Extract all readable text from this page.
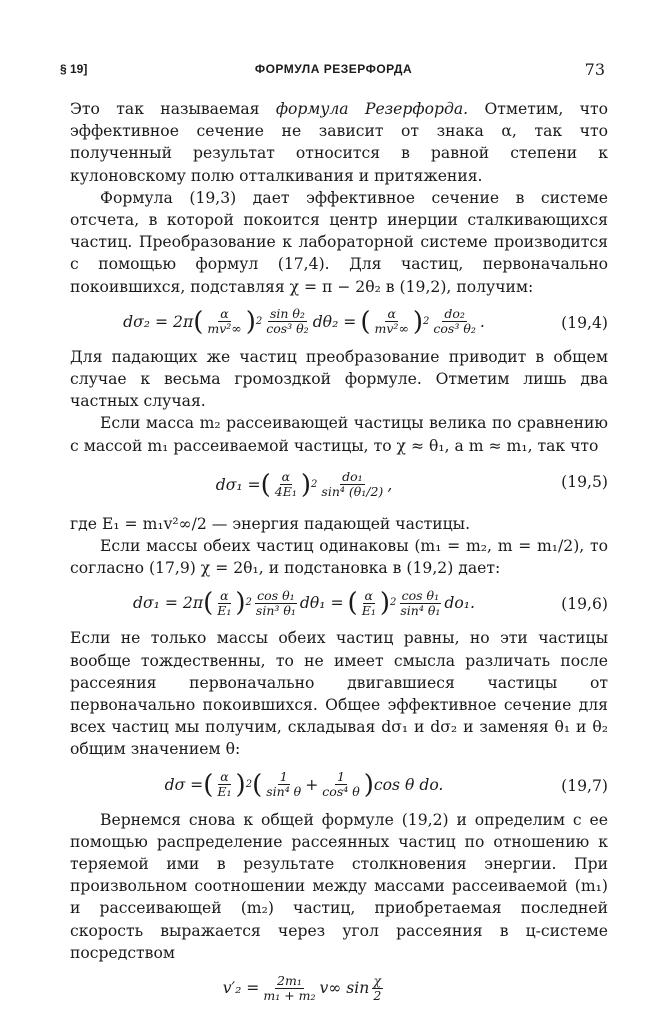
§ 19]	ФОРМУЛА РЕЗЕРФОРДА	73

Это так называемая формула Резерфорда. Отметим, что эффективное сечение не зависит от знака α, так что полученный результат относится в равной степени к кулоновскому полю отталкивания и притяжения.

Формула (19,3) дает эффективное сечение в системе отсчета, в которой покоится центр инерции сталкивающихся частиц. Преобразование к лабораторной системе производится с помощью формул (17,4). Для частиц, первоначально покоившихся, подставляя χ = π − 2θ₂ в (19,2), получим:

dσ₂ = 2π ( $\frac{\alpha}{\text{mv²∞}}$ ) $2 \frac{\text{sin θ₂}}{\text{cos³ θ₂}} d\theta_2$ = ( $\frac{\alpha}{\text{mv²∞}}$ ) $2 \frac{\text{do₂}}{\text{cos³ θ₂}}$ .	(19,4)

Для падающих же частиц преобразование приводит в общем случае к весьма громоздкой формуле. Отметим лишь два частных случая.

Если масса m₂ рассеивающей частицы велика по сравнению с массой m₁ рассеиваемой частицы, то χ ≈ θ₁, а m ≈ m₁, так что

dσ₁ = ( $\frac{\alpha}{\text{4E₁}}$ ) $2 \frac{\text{do₁}}{\text{sin⁴ (θ₁/2)}}$ ,	(19,5)

где E₁ = m₁v²∞/2 — энергия падающей частицы.

Если массы обеих частиц одинаковы (m₁ = m₂, m = m₁/2), то согласно (17,9) χ = 2θ₁, и подстановка в (19,2) дает:

dσ₁ = 2π ( $\frac{\alpha}{\text{E₁}}$ ) $2 \frac{\text{cos θ₁}}{\text{sin³ θ₁}} d\theta_1$ = ( $\frac{\alpha}{\text{E₁}}$ ) $2 \frac{\text{cos θ₁}}{\text{sin⁴ θ₁}} do_1$.	(19,6)

Если не только массы обеих частиц равны, но эти частицы вообще тождественны, то не имеет смысла различать после рассеяния первоначально двигавшиеся частицы от первоначально покоившихся. Общее эффективное сечение для всех частиц мы получим, складывая dσ₁ и dσ₂ и заменяя θ₁ и θ₂ общим значением θ:

dσ = ( $\frac{\alpha}{\text{E₁}}$ ) 2 ( $\frac{1}{\text{sin⁴ θ}} + \frac{1}{\text{cos⁴ θ}}$ ) cos θ do.	(19,7)

Вернемся снова к общей формуле (19,2) и определим с ее помощью распределение рассеянных частиц по отношению к теряемой ими в результате столкновения энергии. При произвольном соотношении между массами рассеиваемой (m₁) и рассеивающей (m₂) частиц, приобретаемая последней скорость выражается через угол рассеяния в ц-системе посредством

$v'_2 = \frac{\text{2m₁}}{\text{m₁ + m₂}} v\infty$ $\sin \frac{\chi}{2}$
